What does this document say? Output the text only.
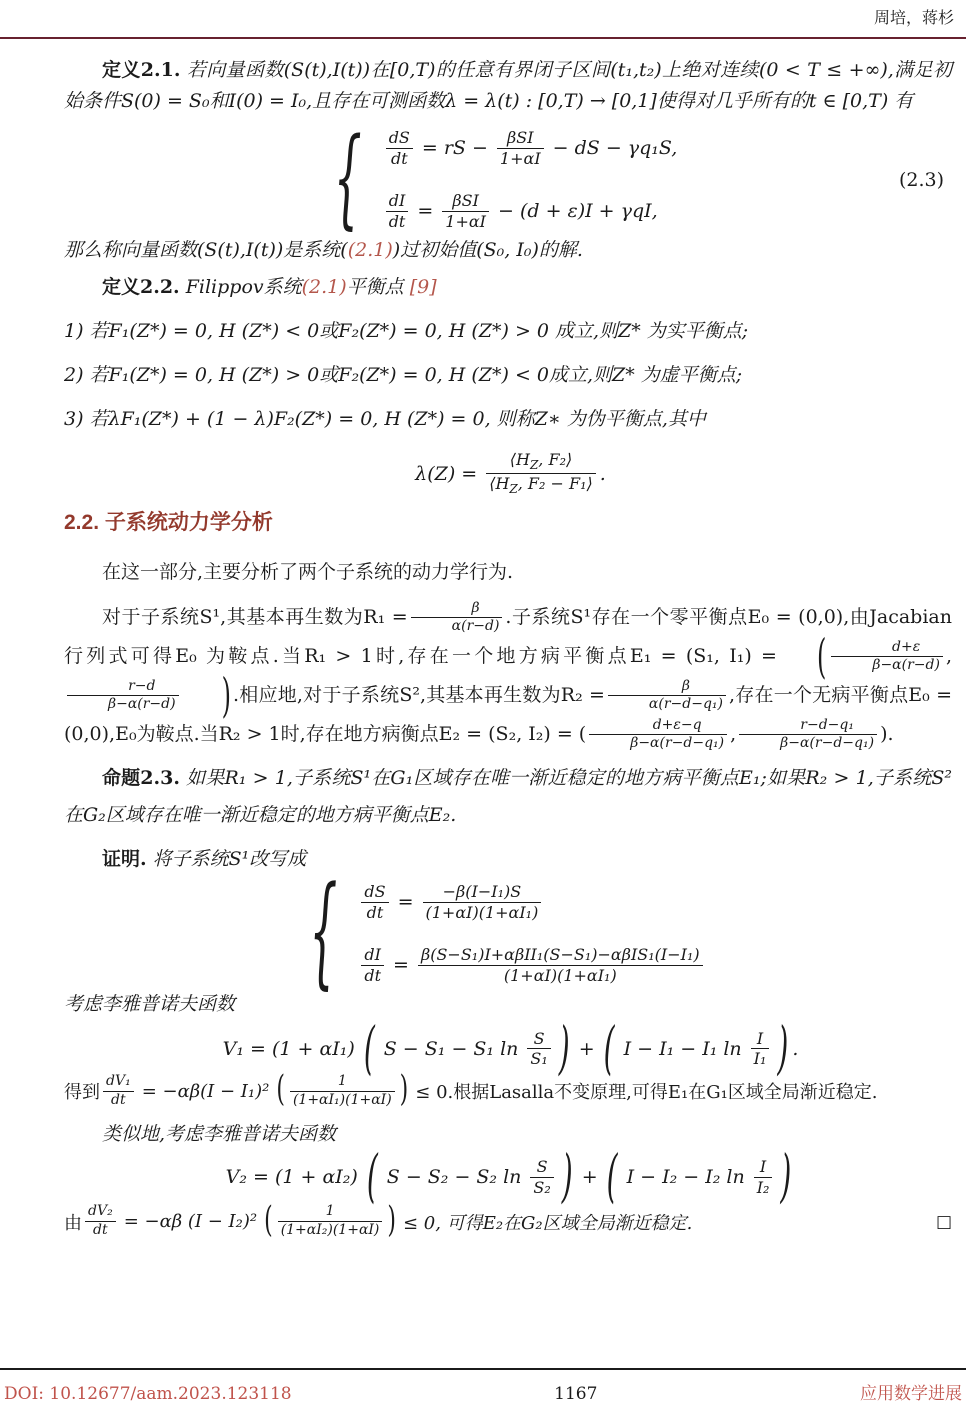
周培，蒋杉

定义2.1. 若向量函数(S(t),I(t))在[0,T)的任意有界闭子区间(t₁,t₂)上绝对连续(0 < T ≤ +∞),满足初始条件S(0) = S₀和I(0) = I₀,且存在可测函数λ = λ(t) : [0,T) → [0,1]使得对几乎所有的t ∈ [0,T) 有

{ $\frac{dS}{dt}$ = rS − $\frac{\text{βSI}}{1+\alpha I}$ − dS − γq₁S,
$\frac{dI}{dt} = \frac{\text{βSI}}{1+\alpha I} - (d + \varepsilon)I + \gamma qI$,
(2.3)

那么称向量函数(S(t),I(t))是系统((2.1))过初始值(S₀, I₀)的解.

定义2.2. Filippov系统(2.1)平衡点 [9]

1) 若F₁(Z*) = 0, H (Z*) < 0或F₂(Z*) = 0, H (Z*) > 0 成立,则Z* 为实平衡点;

2) 若F₁(Z*) = 0, H (Z*) > 0或F₂(Z*) = 0, H (Z*) < 0成立,则Z* 为虚平衡点;

3) 若λF₁(Z*) + (1 − λ)F₂(Z*) = 0, H (Z*) = 0, 则称Z∗ 为伪平衡点,其中

$\lambda(Z) = \frac{⟨H_Z, F_2⟩}{⟨H_Z, F_2 - F_1⟩}$ .
2.2. 子系统动力学分析

在这一部分,主要分析了两个子系统的动力学行为.

对于子系统S¹,其基本再生数为$R_1 = \frac{\beta}{\alpha(r-d)}$ .子系统S¹存在一个零平衡点E₀ = (0,0),由Jacabian行列式可得E₀ 为鞍点.当R₁ > 1时,存在一个地方病平衡点E₁ = (S₁, I₁) = ( $\frac{d+\varepsilon}{\beta-\alpha(r-d)}$ ,
$\frac{r-d}{\beta-\alpha(r-d)}$ ) .相应地,对于子系统S²,其基本再生数为$R_2 = \frac{\beta}{\text{α(r−d−q₁)}}$ ,存在一个无病平衡点E₀ = (0,0),E₀为鞍点.当R₂ > 1时,存在地方病衡点E₂ = (S₂, I₂) = ( $\frac{d+\varepsilon-q}{\text{β−α(r−d−q₁)}}$ , $\frac{\text{r−d−q₁}}{\text{β−α(r−d−q₁)}}$ ).

命题2.3. 如果R₁ > 1,子系统S¹在G₁区域存在唯一渐近稳定的地方病平衡点E₁;如果R₂ > 1,子系统S²在G₂区域存在唯一渐近稳定的地方病平衡点E₂.

证明. 将子系统S¹改写成

{ $\frac{dS}{dt} = \frac{\text{−β(I−I₁)S}}{\text{(1+αI)(1+αI₁)}}$
$\frac{dI}{dt} = \frac{\text{β(S−S₁)I+αβII₁(S−S₁)−αβIS₁(I−I₁)}}{\text{(1+αI)(1+αI₁)}}$

考虑李雅普诺夫函数

V₁ = (1 + αI₁) ( S − S₁ − S₁ $\ln \frac{S}{\text{S₁}}$ ) + ( I − I₁ − I₁ $\ln \frac{I}{\text{I₁}}$ ) .
得到 $\frac{\text{dV₁}}{dt} = -\alpha\beta(I - I_1)^2$ ( $\frac{1}{\text{(1+αI₁)(1+αI)}}$ ) ≤ 0.根据Lasalla不变原理,可得E₁在G₁区域全局渐近稳定.

类似地,考虑李雅普诺夫函数

V₂ = (1 + αI₂) ( S − S₂ − S₂ $\ln \frac{S}{\text{S₂}}$ ) + ( I − I₂ − I₂ $\ln \frac{I}{\text{I₂}}$ )
由 $\frac{\text{dV₂}}{dt} = -\alpha\beta$ (I − I₂)² ( $\frac{1}{\text{(1+αI₂)(1+αI)}}$ ) ≤ 0, 可得E₂在G₂区域全局渐近稳定.	□
DOI: 10.12677/aam.2023.123118	1167	应用数学进展
